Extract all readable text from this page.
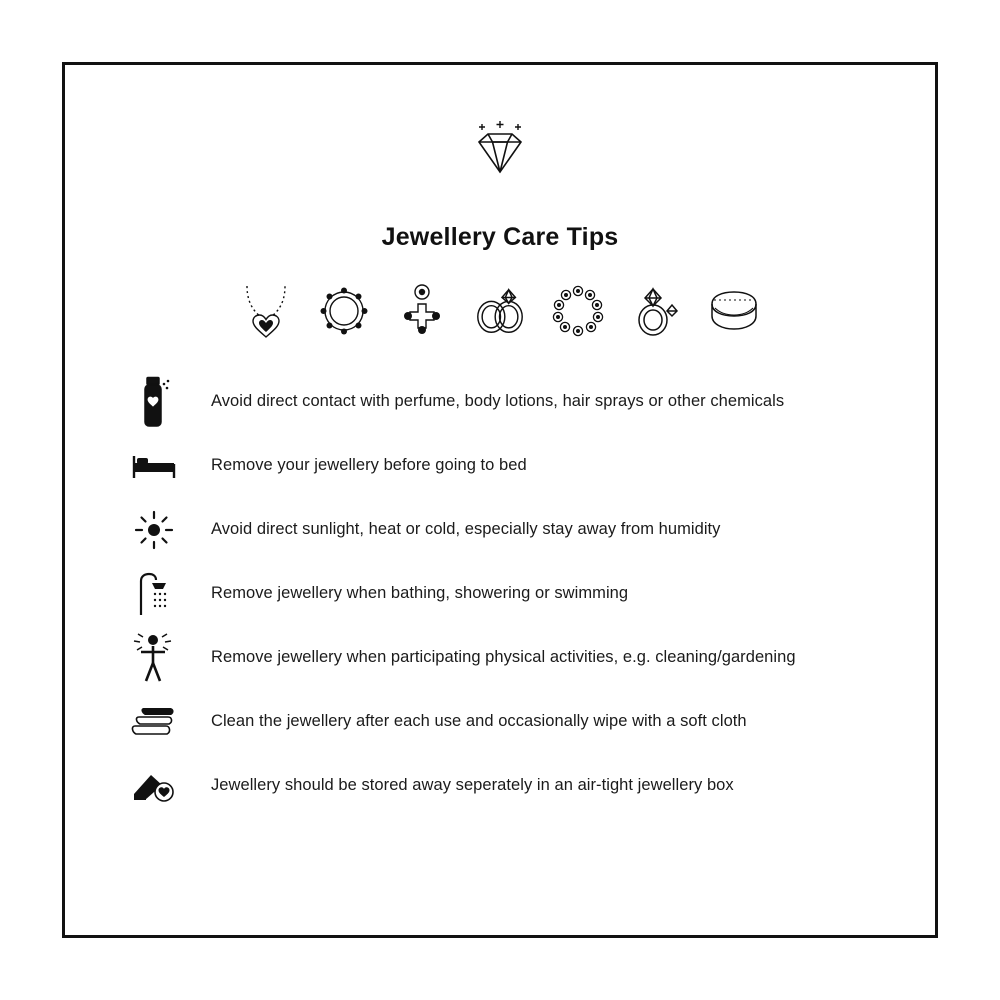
Jewellery Care Tips
Avoid direct contact with perfume, body lotions, hair sprays or other chemicals
Remove your jewellery before going to bed
Avoid direct sunlight, heat or cold, especially stay away from humidity
Remove jewellery when bathing, showering or swimming
Remove jewellery when participating physical activities, e.g. cleaning/gardening
Clean the jewellery after each use and occasionally wipe with a soft cloth
Jewellery should be stored away seperately in an air-tight jewellery box
